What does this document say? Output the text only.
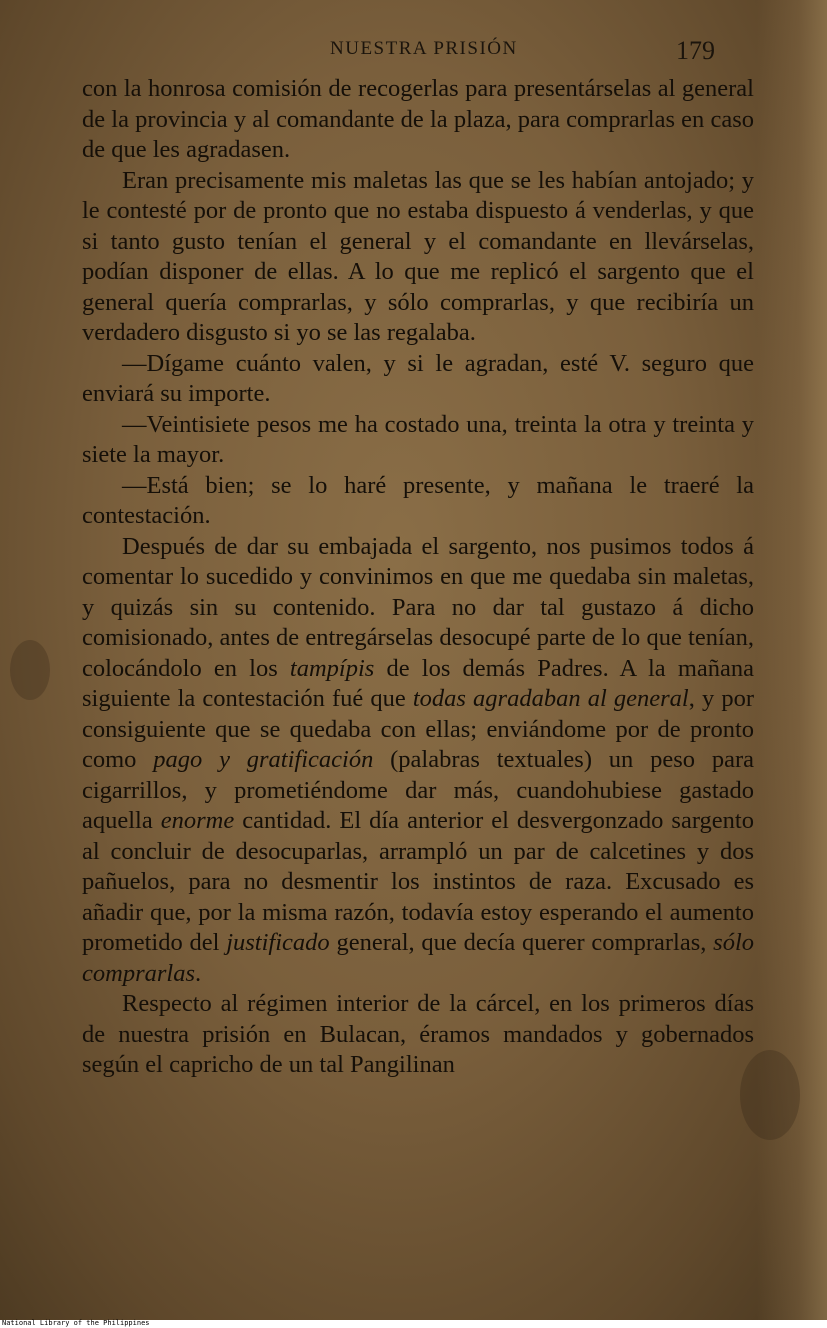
NUESTRA PRISIÓN	179

con la honrosa comisión de recogerlas para presentárselas al general de la provincia y al comandante de la plaza, para comprarlas en caso de que les agradasen.

Eran precisamente mis maletas las que se les habían antojado; y le contesté por de pronto que no estaba dispuesto á venderlas, y que si tanto gusto tenían el general y el comandante en llevárselas, podían disponer de ellas. A lo que me replicó el sargento que el general quería comprarlas, y sólo comprarlas, y que recibiría un verdadero disgusto si yo se las regalaba.

—Dígame cuánto valen, y si le agradan, esté V. seguro que enviará su importe.

—Veintisiete pesos me ha costado una, treinta la otra y treinta y siete la mayor.

—Está bien; se lo haré presente, y mañana le traeré la contestación.

Después de dar su embajada el sargento, nos pusimos todos á comentar lo sucedido y convinimos en que me quedaba sin maletas, y quizás sin su contenido. Para no dar tal gustazo á dicho comisionado, antes de entregárselas desocupé parte de lo que tenían, colocándolo en los tampípis de los demás Padres. A la mañana siguiente la contestación fué que todas agradaban al general, y por consiguiente que se quedaba con ellas; enviándome por de pronto como pago y gratificación (palabras textuales) un peso para cigarrillos, y prometiéndome dar más, cuandohubiese gastado aquella enorme cantidad. El día anterior el desvergonzado sargento al concluir de desocuparlas, arrampló un par de calcetines y dos pañuelos, para no desmentir los instintos de raza. Excusado es añadir que, por la misma razón, todavía estoy esperando el aumento prometido del justificado general, que decía querer comprarlas, sólo comprarlas.

Respecto al régimen interior de la cárcel, en los primeros días de nuestra prisión en Bulacan, éramos mandados y gobernados según el capricho de un tal Pangilinan

National Library of the Philippines
